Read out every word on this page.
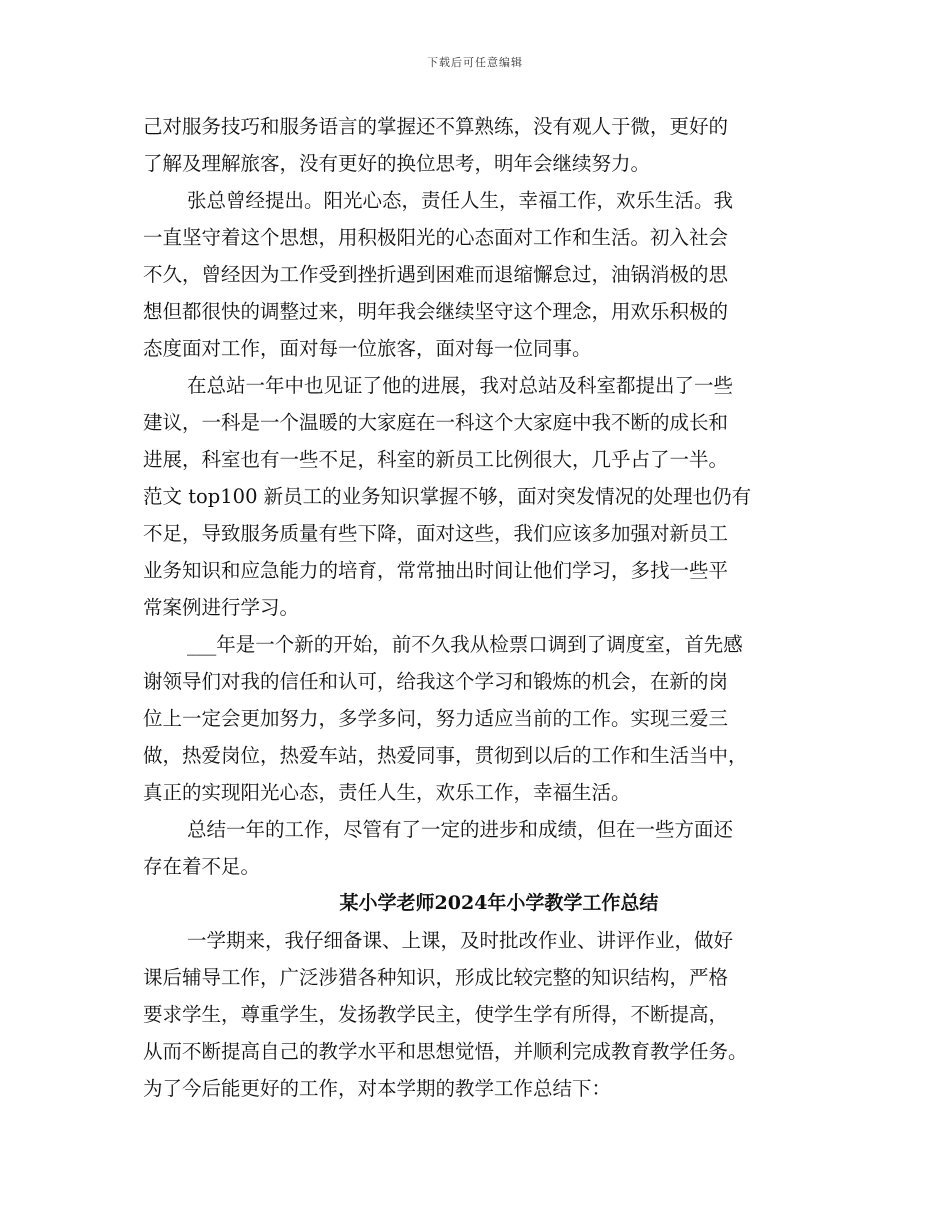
下载后可任意编辑

己对服务技巧和服务语言的掌握还不算熟练，没有观人于微，更好的

了解及理解旅客，没有更好的换位思考，明年会继续努力。

张总曾经提出。阳光心态，责任人生，幸福工作，欢乐生活。我

一直坚守着这个思想，用积极阳光的心态面对工作和生活。初入社会

不久，曾经因为工作受到挫折遇到困难而退缩懈怠过，油锅消极的思

想但都很快的调整过来，明年我会继续坚守这个理念，用欢乐积极的

态度面对工作，面对每一位旅客，面对每一位同事。

在总站一年中也见证了他的进展，我对总站及科室都提出了一些

建议，一科是一个温暖的大家庭在一科这个大家庭中我不断的成长和

进展，科室也有一些不足，科室的新员工比例很大，几乎占了一半。

范文 top100 新员工的业务知识掌握不够，面对突发情况的处理也仍有

不足，导致服务质量有些下降，面对这些，我们应该多加强对新员工

业务知识和应急能力的培育，常常抽出时间让他们学习，多找一些平

常案例进行学习。

___年是一个新的开始，前不久我从检票口调到了调度室，首先感

谢领导们对我的信任和认可，给我这个学习和锻炼的机会，在新的岗

位上一定会更加努力，多学多问，努力适应当前的工作。实现三爱三

做，热爱岗位，热爱车站，热爱同事，贯彻到以后的工作和生活当中，

真正的实现阳光心态，责任人生，欢乐工作，幸福生活。

总结一年的工作，尽管有了一定的进步和成绩，但在一些方面还

存在着不足。

某小学老师2024年小学教学工作总结

一学期来，我仔细备课、上课，及时批改作业、讲评作业，做好

课后辅导工作，广泛涉猎各种知识，形成比较完整的知识结构，严格

要求学生，尊重学生，发扬教学民主，使学生学有所得，不断提高，

从而不断提高自己的教学水平和思想觉悟，并顺利完成教育教学任务。

为了今后能更好的工作，对本学期的教学工作总结下：
